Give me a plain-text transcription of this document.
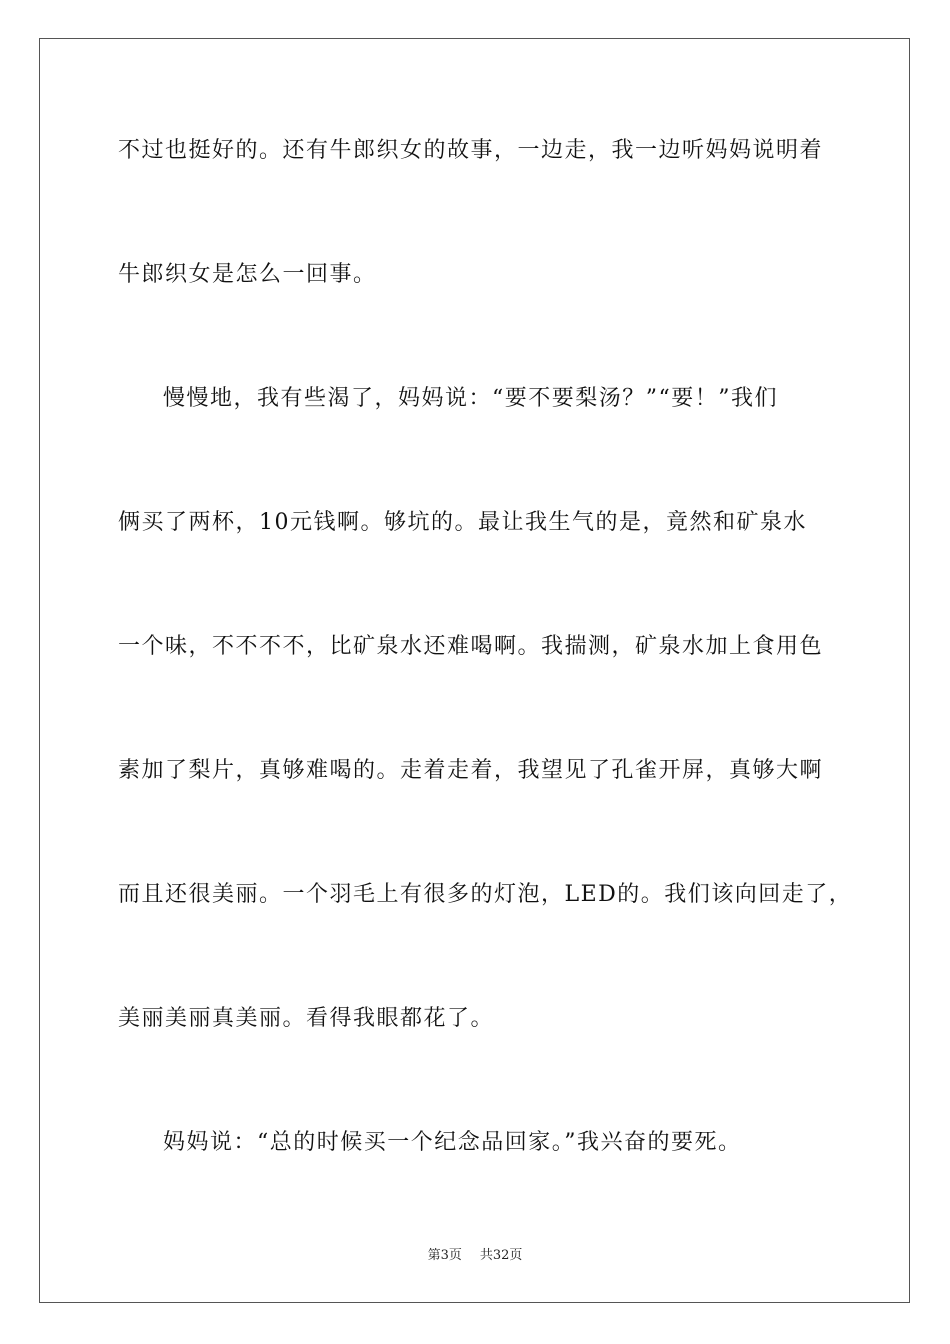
不过也挺好的。还有牛郎织女的故事，一边走，我一边听妈妈说明着
牛郎织女是怎么一回事。
慢慢地，我有些渴了，妈妈说：“要不要梨汤？”“要！”我们
俩买了两杯，10元钱啊。够坑的。最让我生气的是，竟然和矿泉水
一个味，不不不不，比矿泉水还难喝啊。我揣测，矿泉水加上食用色
素加了梨片，真够难喝的。走着走着，我望见了孔雀开屏，真够大啊
而且还很美丽。一个羽毛上有很多的灯泡，LED的。我们该向回走了，
美丽美丽真美丽。看得我眼都花了。
妈妈说：“总的时候买一个纪念品回家。”我兴奋的要死。
第3页 共32页
